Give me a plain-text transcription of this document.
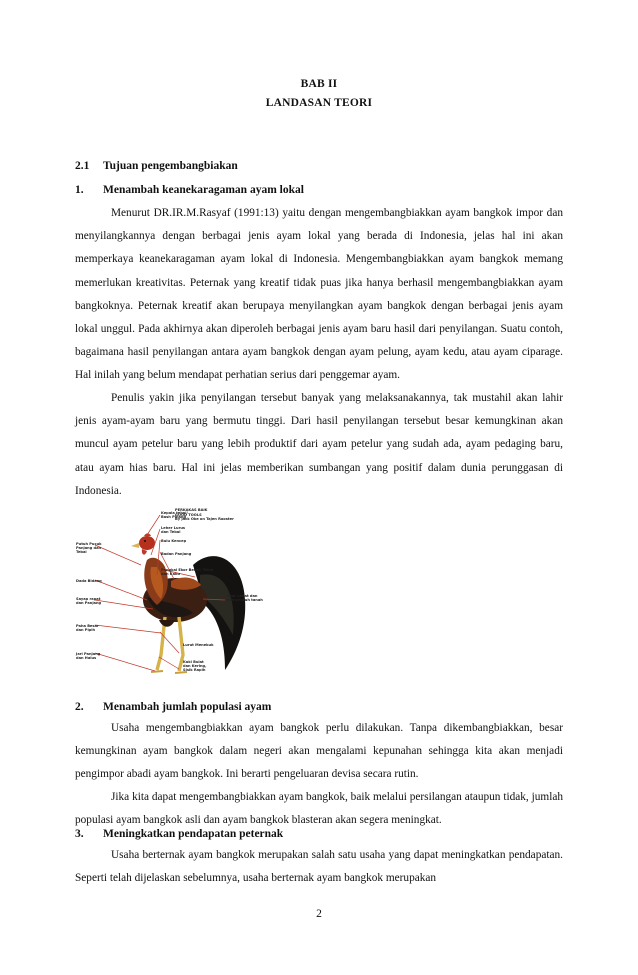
BAB II
LANDASAN TEORI
2.1 Tujuan pengembangbiakan
1. Menambah keanekaragaman ayam lokal

Menurut DR.IR.M.Rasyaf (1991:13) yaitu dengan mengembangbiakkan ayam bangkok impor dan menyilangkannya dengan berbagai jenis ayam lokal yang berada di Indonesia, jelas hal ini akan memperkaya keanekaragaman ayam lokal di Indonesia. Mengembangbiakkan ayam bangkok memang memerlukan kreativitas. Peternak yang kreatif tidak puas jika hanya berhasil mengembangbiakkan ayam bangkoknya. Peternak kreatif akan berupaya menyilangkan ayam bangkok dengan berbagai jenis ayam lokal unggul. Pada akhirnya akan diperoleh berbagai jenis ayam baru hasil dari penyilangan. Suatu contoh, bagaimana hasil penyilangan antara ayam bangkok dengan ayam pelung, ayam kedu, atau ayam ciparage. Hal inilah yang belum mendapat perhatian serius dari penggemar ayam.

Penulis yakin jika penyilangan tersebut banyak yang melaksanakannya, tak mustahil akan lahir jenis ayam-ayam baru yang bermutu tinggi. Dari hasil penyilangan tersebut besar kemungkinan akan muncul ayam petelur baru yang lebih produktif dari ayam petelur yang sudah ada, ayam pedaging baru, atau ayam hias baru. Hal ini jelas memberikan sumbangan yang positif dalam dunia perunggasan di Indonesia.

PERKAKAS BAIK
GOOD TOOLS
By Jack Oke on Tajen Rooster
Kepala tebal/ Bash Pinang
Leher Lurus dan Tebal
Bulu Kencep
Badan Panjang
Pangkal Ekor Besar/ Tebal dan Kaku
Ekor Lebat dan menyentuh tanah
Lurut Menekuk
Kaki Bulat dan Kering, Sisik Rapih
Putuh Pucuk Panjang dan Tebal
Dada Bidang
Sayap rapat dan Panjang
Paha Besar dan Pipih
Jari Panjang dan Halus
2. Menambah jumlah populasi ayam

Usaha mengembangbiakkan ayam bangkok perlu dilakukan. Tanpa dikembangbiakkan, besar kemungkinan ayam bangkok dalam negeri akan mengalami kepunahan sehingga kita akan menjadi pengimpor abadi ayam bangkok. Ini berarti pengeluaran devisa secara rutin.

Jika kita dapat mengembangbiakkan ayam bangkok, baik melalui persilangan ataupun tidak, jumlah populasi ayam bangkok asli dan ayam bangkok blasteran akan segera meningkat.

3. Meningkatkan pendapatan peternak

Usaha berternak ayam bangkok merupakan salah satu usaha yang dapat meningkatkan pendapatan. Seperti telah dijelaskan sebelumnya, usaha berternak ayam bangkok merupakan

2
